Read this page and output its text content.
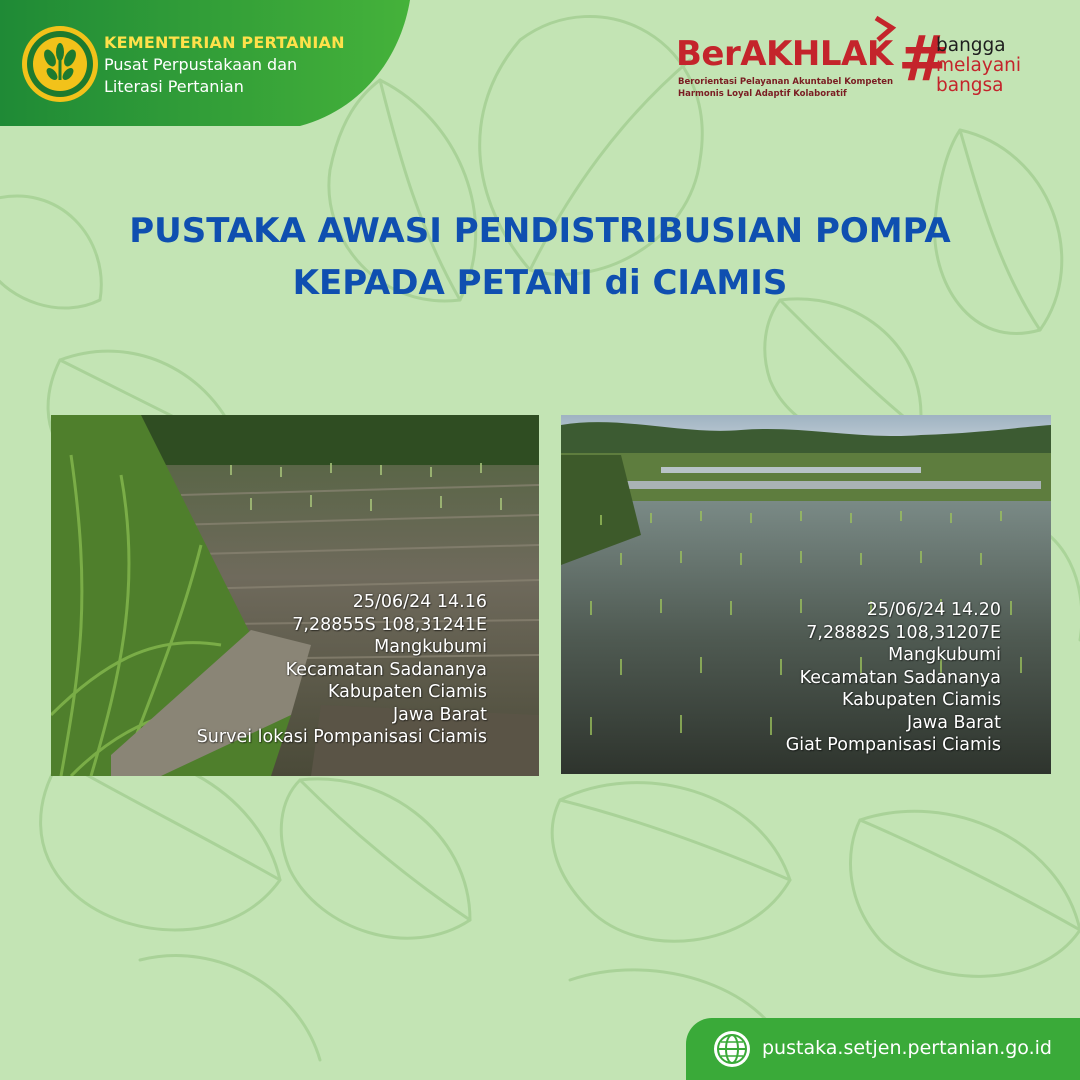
KEMENTERIAN PERTANIAN
Pusat Perpustakaan dan
Literasi Pertanian
BerAKHLAK
Berorientasi Pelayanan Akuntabel Kompeten
Harmonis Loyal Adaptif Kolaboratif #
bangga
melayani
bangsa
PUSTAKA AWASI PENDISTRIBUSIAN POMPA
KEPADA PETANI di CIAMIS
25/06/24 14.16
7,28855S 108,31241E
Mangkubumi
Kecamatan Sadananya
Kabupaten Ciamis
Jawa Barat
Survei lokasi Pompanisasi Ciamis
25/06/24 14.20
7,28882S 108,31207E
Mangkubumi
Kecamatan Sadananya
Kabupaten Ciamis
Jawa Barat
Giat Pompanisasi Ciamis
pustaka.setjen.pertanian.go.id
